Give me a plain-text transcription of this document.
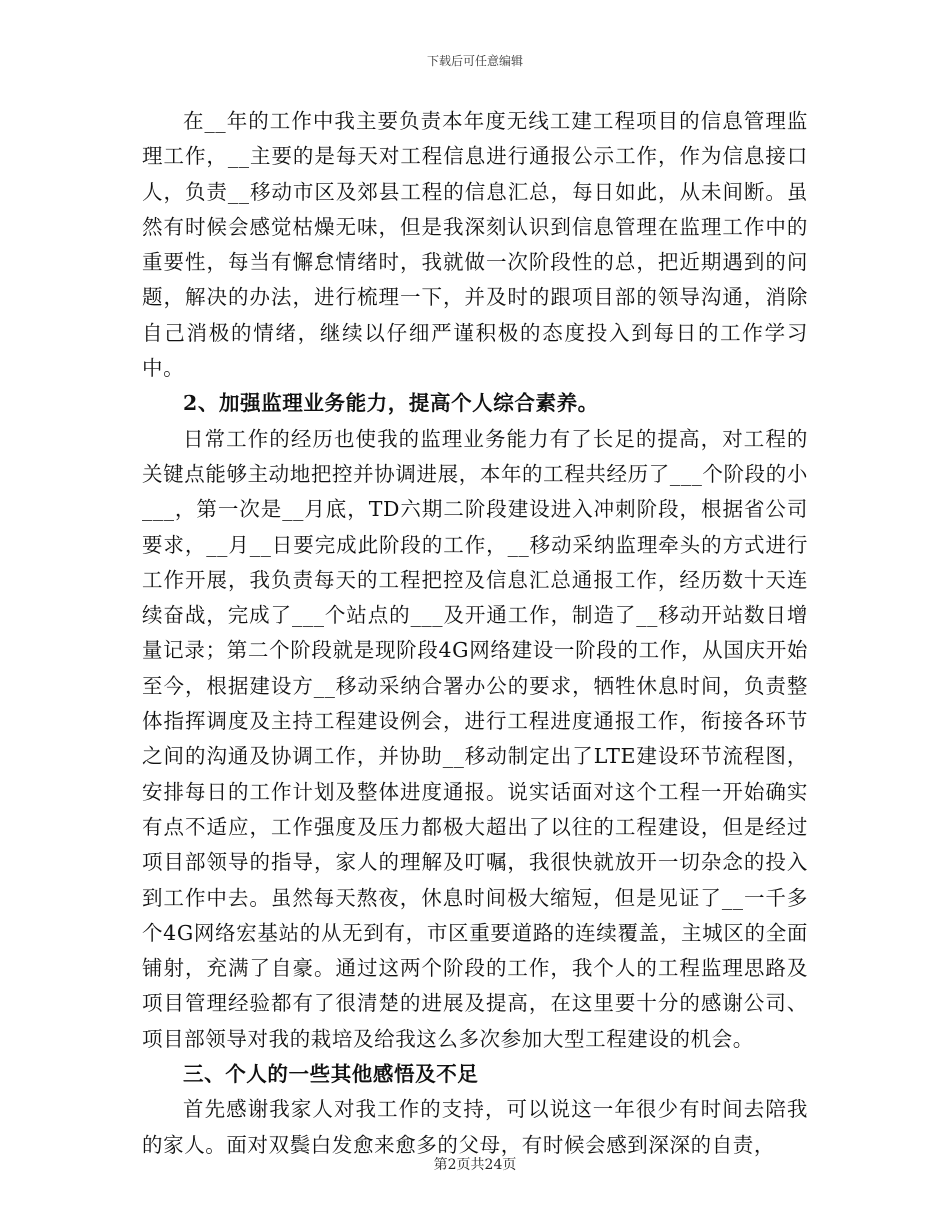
下载后可任意编辑

在__年的工作中我主要负责本年度无线工建工程项目的信息管理监理工作，__主要的是每天对工程信息进行通报公示工作，作为信息接口人，负责__移动市区及郊县工程的信息汇总，每日如此，从未间断。虽然有时候会感觉枯燥无味，但是我深刻认识到信息管理在监理工作中的重要性，每当有懈怠情绪时，我就做一次阶段性的总，把近期遇到的问题，解决的办法，进行梳理一下，并及时的跟项目部的领导沟通，消除自己消极的情绪，继续以仔细严谨积极的态度投入到每日的工作学习中。

2、加强监理业务能力，提高个人综合素养。

日常工作的经历也使我的监理业务能力有了长足的提高，对工程的关键点能够主动地把控并协调进展，本年的工程共经历了___个阶段的小___，第一次是__月底，TD六期二阶段建设进入冲刺阶段，根据省公司要求，__月__日要完成此阶段的工作，__移动采纳监理牵头的方式进行工作开展，我负责每天的工程把控及信息汇总通报工作，经历数十天连续奋战，完成了___个站点的___及开通工作，制造了__移动开站数日增量记录；第二个阶段就是现阶段4G网络建设一阶段的工作，从国庆开始至今，根据建设方__移动采纳合署办公的要求，牺牲休息时间，负责整体指挥调度及主持工程建设例会，进行工程进度通报工作，衔接各环节之间的沟通及协调工作，并协助__移动制定出了LTE建设环节流程图，安排每日的工作计划及整体进度通报。说实话面对这个工程一开始确实有点不适应，工作强度及压力都极大超出了以往的工程建设，但是经过项目部领导的指导，家人的理解及叮嘱，我很快就放开一切杂念的投入到工作中去。虽然每天熬夜，休息时间极大缩短，但是见证了__一千多个4G网络宏基站的从无到有，市区重要道路的连续覆盖，主城区的全面铺射，充满了自豪。通过这两个阶段的工作，我个人的工程监理思路及项目管理经验都有了很清楚的进展及提高，在这里要十分的感谢公司、项目部领导对我的栽培及给我这么多次参加大型工程建设的机会。

三、个人的一些其他感悟及不足

首先感谢我家人对我工作的支持，可以说这一年很少有时间去陪我的家人。面对双鬓白发愈来愈多的父母，有时候会感到深深的自责，

第2页共24页
